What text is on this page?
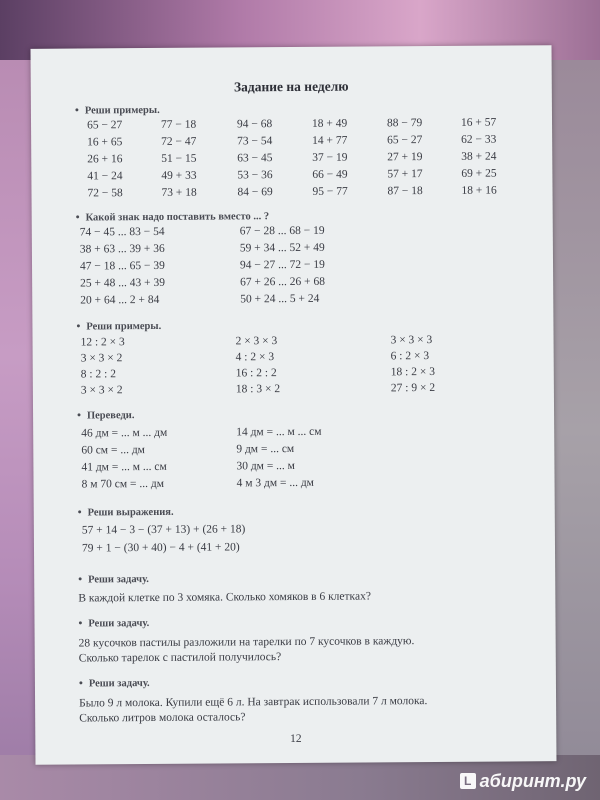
Задание на неделю
• Реши примеры.
65 − 27	77 − 18	94 − 68	18 + 49	88 − 79	16 + 57
16 + 65	72 − 47	73 − 54	14 + 77	65 − 27	62 − 33
26 + 16	51 − 15	63 − 45	37 − 19	27 + 19	38 + 24
41 − 24	49 + 33	53 − 36	66 − 49	57 + 17	69 + 25
72 − 58	73 + 18	84 − 69	95 − 77	87 − 18	18 + 16
• Какой знак надо поставить вместо ... ?
74 − 45 ... 83 − 54	67 − 28 ... 68 − 19
38 + 63 ... 39 + 36	59 + 34 ... 52 + 49
47 − 18 ... 65 − 39	94 − 27 ... 72 − 19
25 + 48 ... 43 + 39	67 + 26 ... 26 + 68
20 + 64 ... 2 + 84	50 + 24 ... 5 + 24
• Реши примеры.
12 : 2 × 3	2 × 3 × 3	3 × 3 × 3
3 × 3 × 2	4 : 2 × 3	6 : 2 × 3
8 : 2 : 2	16 : 2 : 2	18 : 2 × 3
3 × 3 × 2	18 : 3 × 2	27 : 9 × 2
• Переведи.
46 дм = ... м ... дм	14 дм = ... м ... см
60 см = ... дм	9 дм = ... см
41 дм = ... м ... см	30 дм = ... м
8 м 70 см = ... дм	4 м 3 дм = ... дм
• Реши выражения.
57 + 14 − 3 − (37 + 13) + (26 + 18)
79 + 1 − (30 + 40) − 4 + (41 + 20)
• Реши задачу.
В каждой клетке по 3 хомяка. Сколько хомяков в 6 клетках?
• Реши задачу.
28 кусочков пастилы разложили на тарелки по 7 кусочков в каждую.
Сколько тарелок с пастилой получилось?
• Реши задачу.
Было 9 л молока. Купили ещё 6 л. На завтрак использовали 7 л молока.
Сколько литров молока осталось?
12
L абиринт.ру
